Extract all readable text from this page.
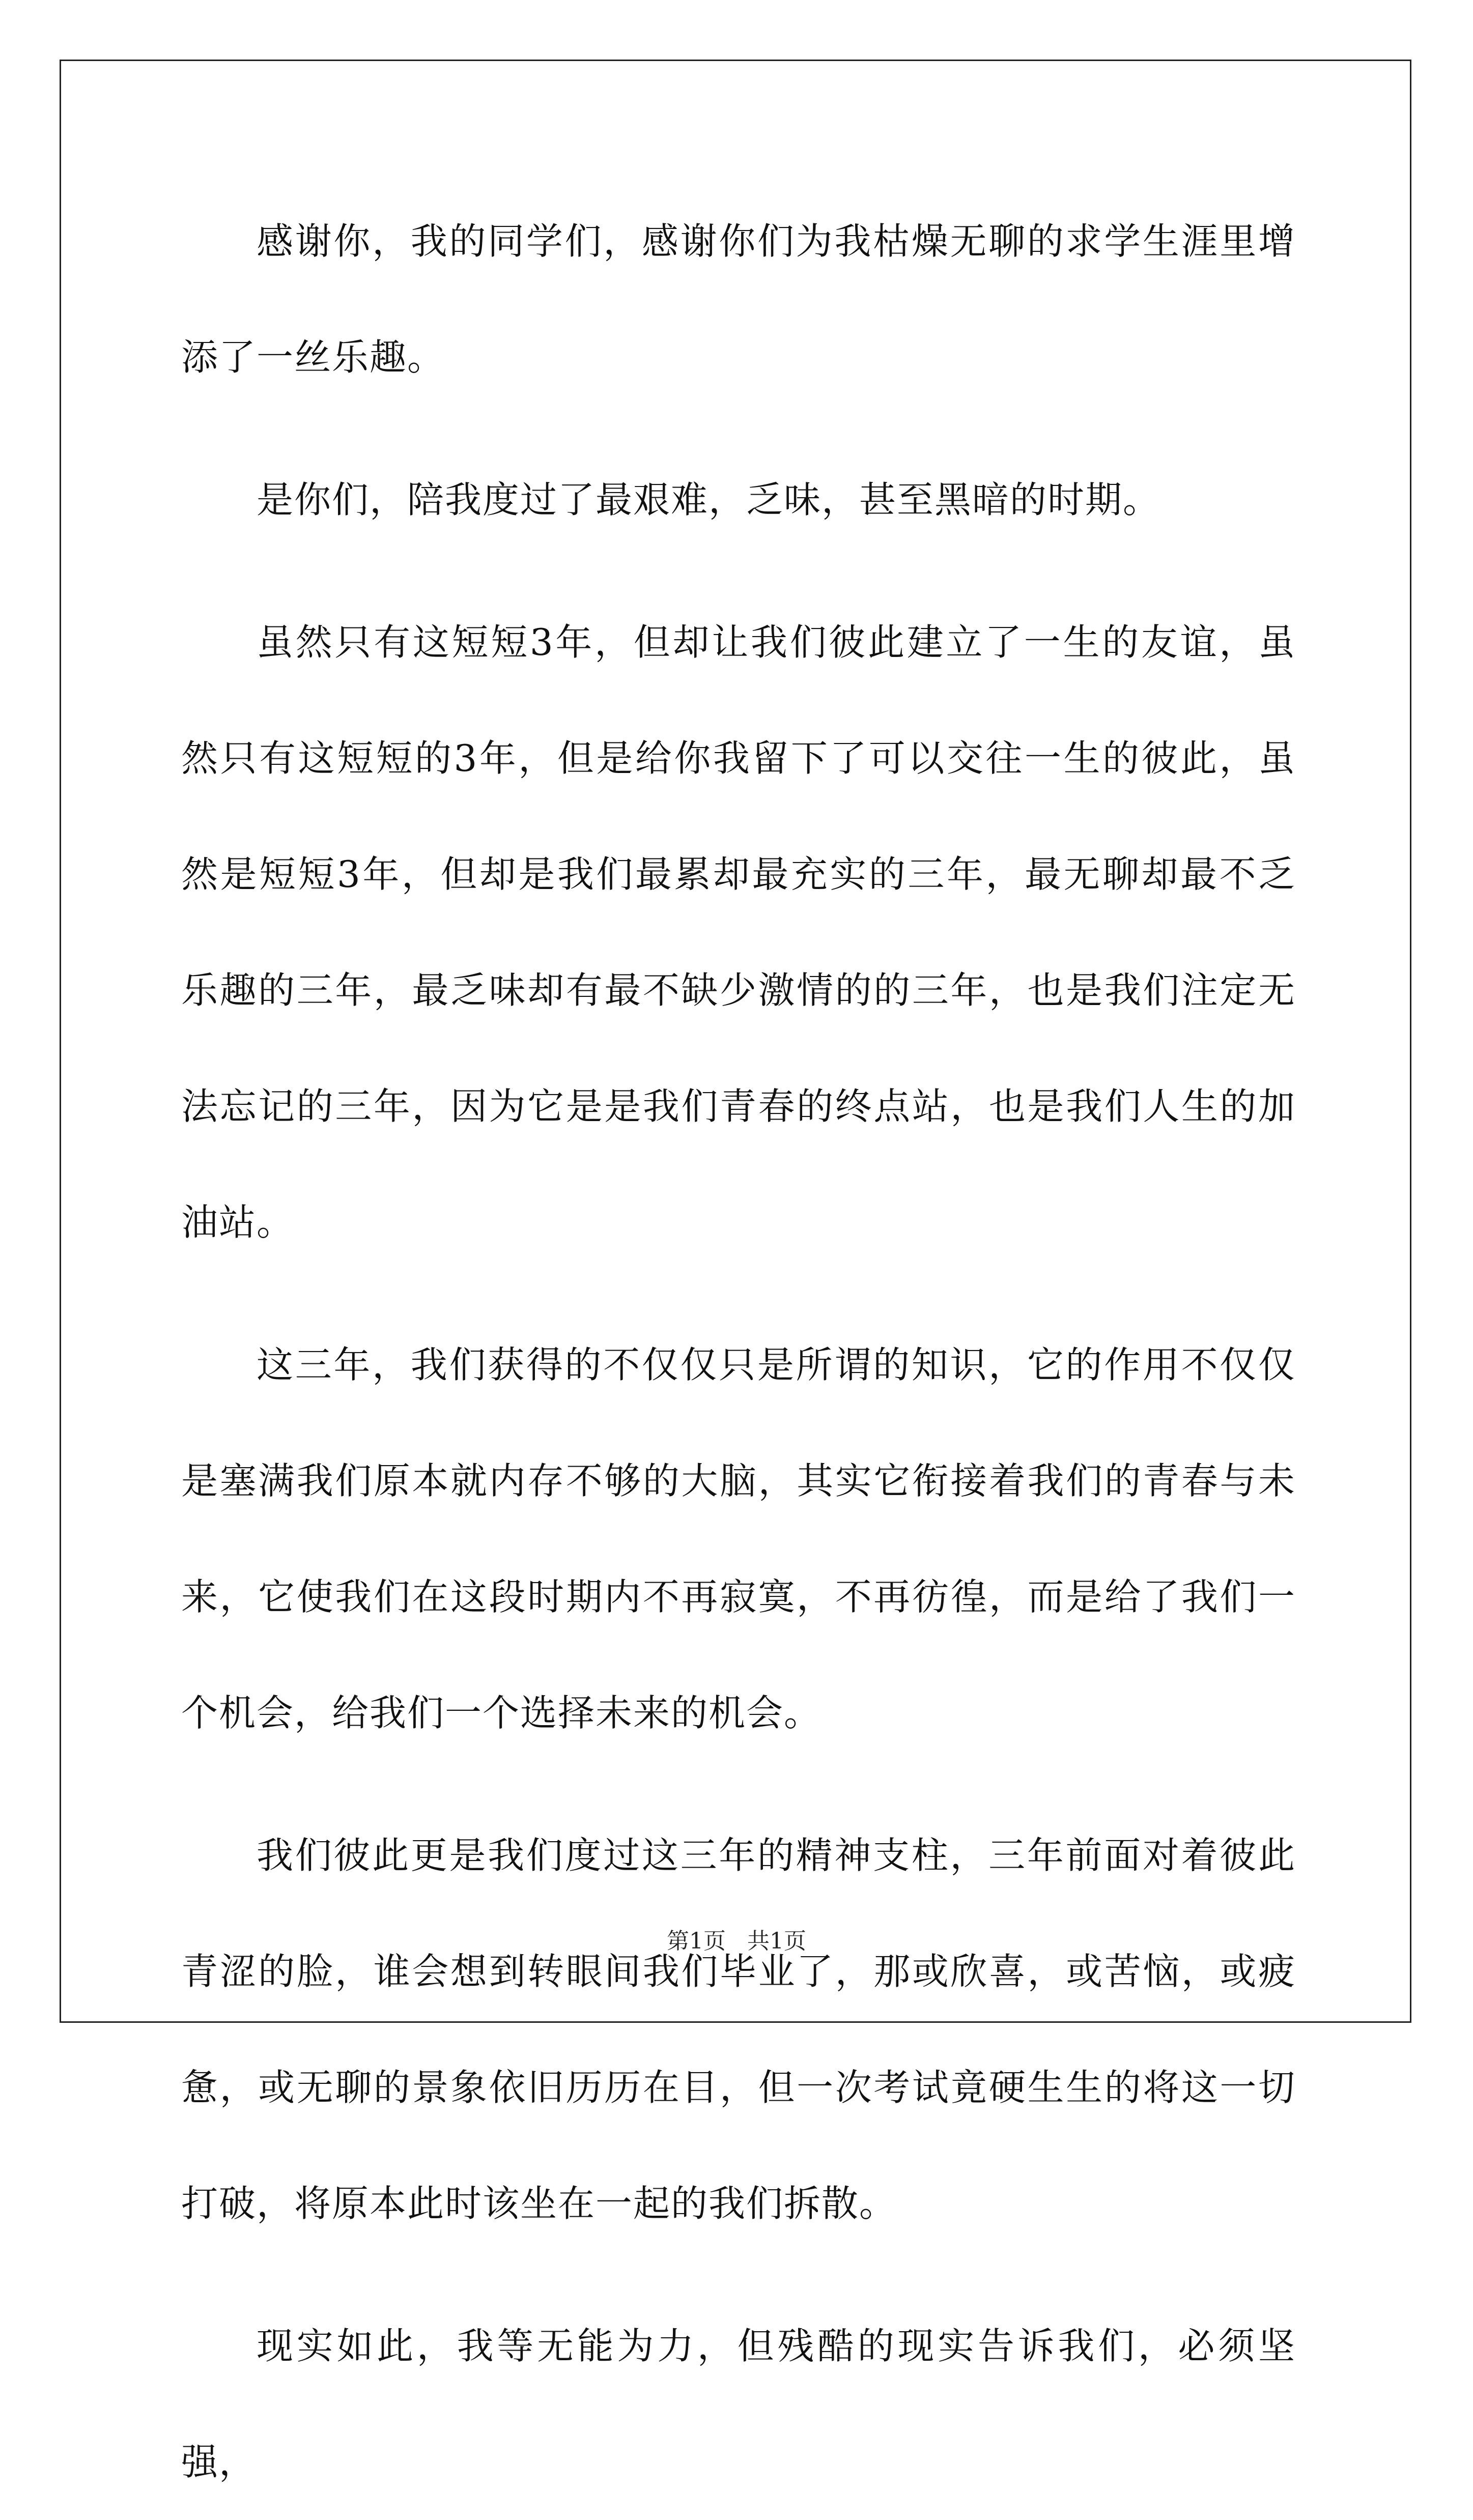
感谢你，我的同学们，感谢你们为我枯燥无聊的求学生涯里增添了一丝乐趣。

是你们，陪我度过了最艰难，乏味，甚至黑暗的时期。

虽然只有这短短3年，但却让我们彼此建立了一生的友谊，虽然只有这短短的3年，但是给你我留下了可以交往一生的彼此，虽然是短短3年，但却是我们最累却最充实的三年，最无聊却最不乏乐趣的三年，最乏味却有最不缺少激情的的三年，也是我们注定无法忘记的三年，因为它是是我们青春的终点站，也是我们人生的加油站。

这三年，我们获得的不仅仅只是所谓的知识，它的作用不仅仅是塞满我们原本就内存不够的大脑，其实它衔接着我们的青春与未来，它使我们在这段时期内不再寂寞，不再彷徨，而是给了我们一个机会，给我们一个选择未来的机会。

我们彼此更是我们度过这三年的精神支柱，三年前面对着彼此青涩的脸，谁会想到转眼间我们毕业了，那或欣喜，或苦恼，或疲惫，或无聊的景象依旧历历在目，但一次考试竟硬生生的将这一切打破，将原本此时该坐在一起的我们拆散。

现实如此，我等无能为力，但残酷的现实告诉我们，必须坚强，

第1页 共1页
